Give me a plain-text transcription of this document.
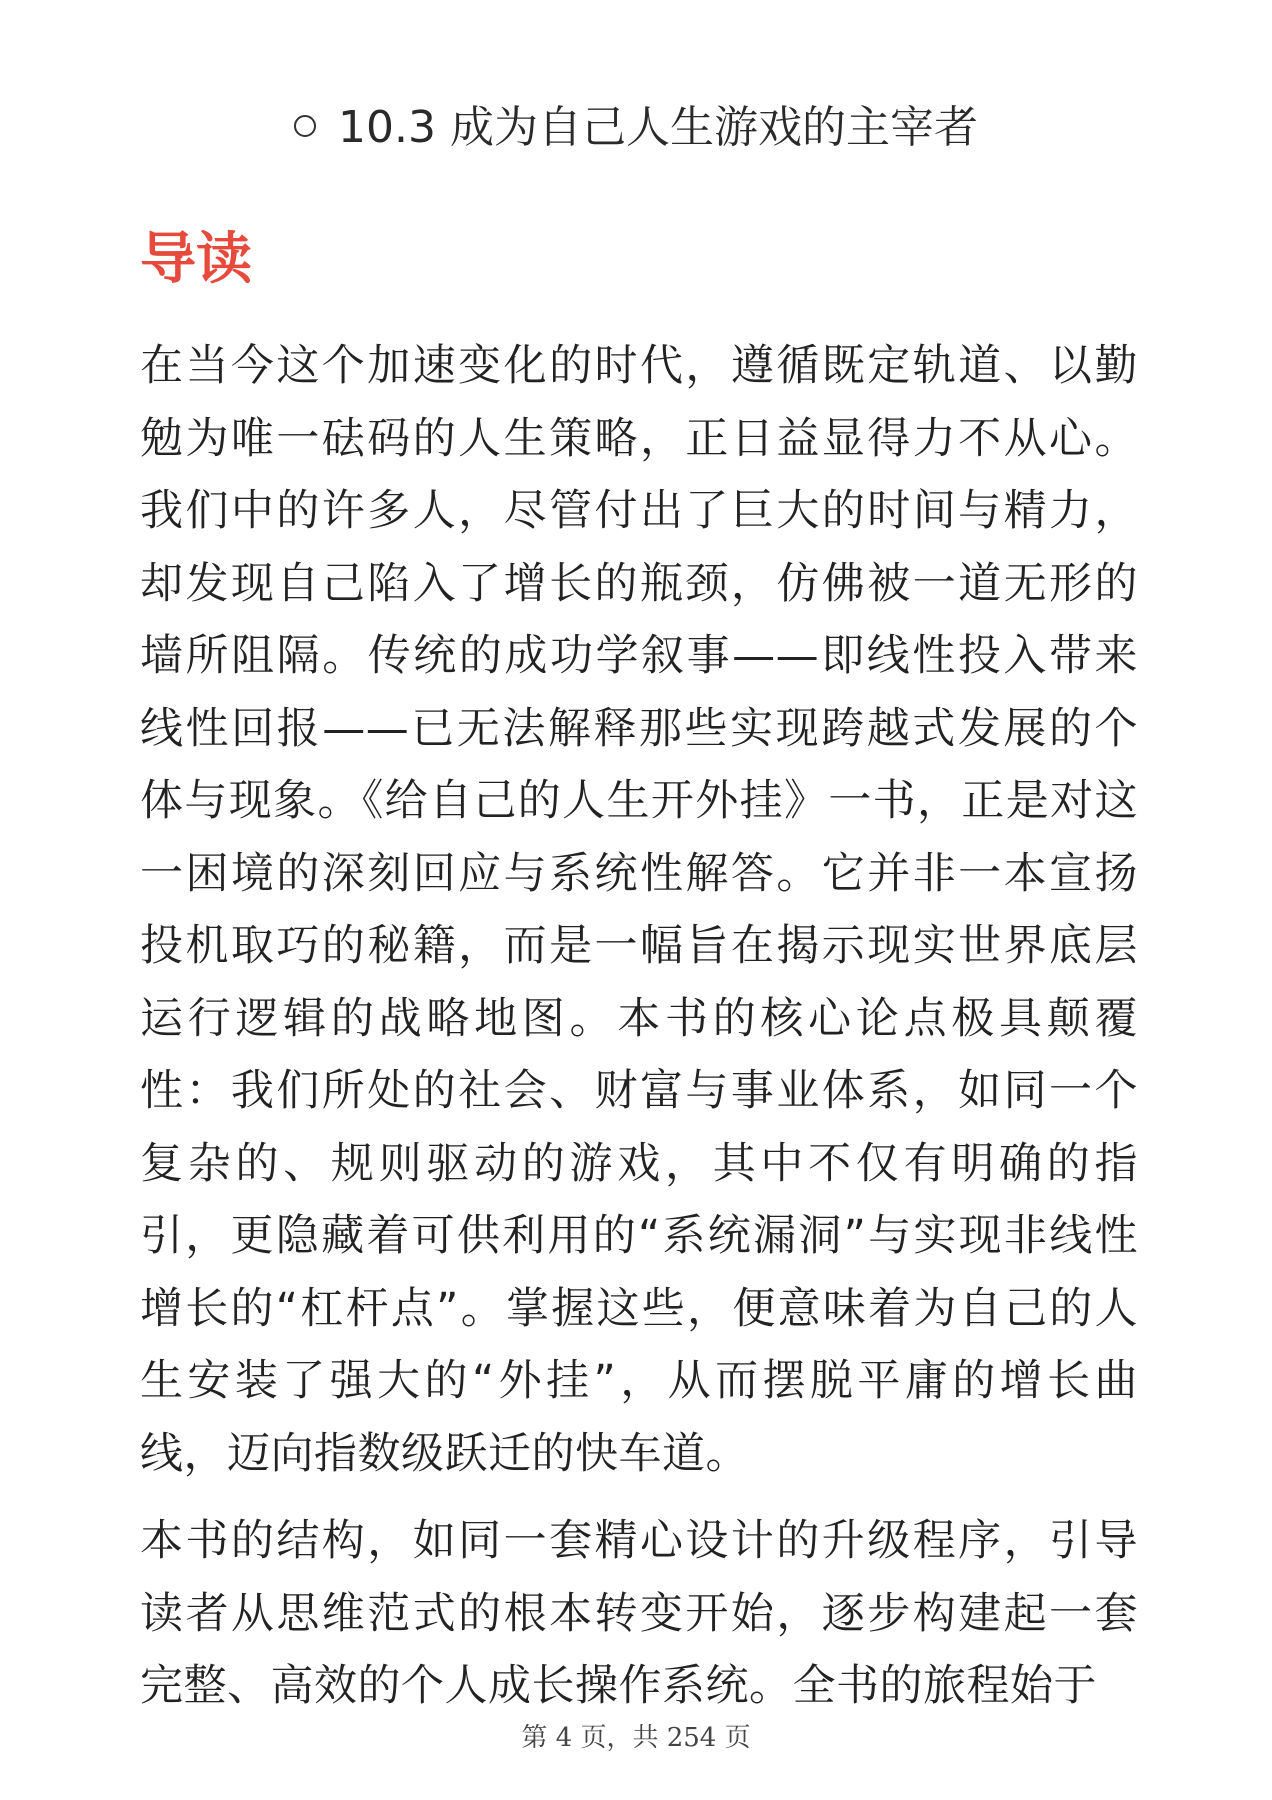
10.3 成为自己人生游戏的主宰者
导读

在当今这个加速变化的时代，遵循既定轨道、以勤勉为唯一砝码的人生策略，正日益显得力不从心。我们中的许多人，尽管付出了巨大的时间与精力，却发现自己陷入了增长的瓶颈，仿佛被一道无形的墙所阻隔。传统的成功学叙事——即线性投入带来线性回报——已无法解释那些实现跨越式发展的个体与现象。《给自己的人生开外挂》一书，正是对这一困境的深刻回应与系统性解答。它并非一本宣扬投机取巧的秘籍，而是一幅旨在揭示现实世界底层运行逻辑的战略地图。本书的核心论点极具颠覆性：我们所处的社会、财富与事业体系，如同一个复杂的、规则驱动的游戏，其中不仅有明确的指引，更隐藏着可供利用的“系统漏洞”与实现非线性增长的“杠杆点”。掌握这些，便意味着为自己的人生安装了强大的“外挂”，从而摆脱平庸的增长曲线，迈向指数级跃迁的快车道。

本书的结构，如同一套精心设计的升级程序，引导读者从思维范式的根本转变开始，逐步构建起一套完整、高效的个人成长操作系统。全书的旅程始于

第 4 页，共 254 页
